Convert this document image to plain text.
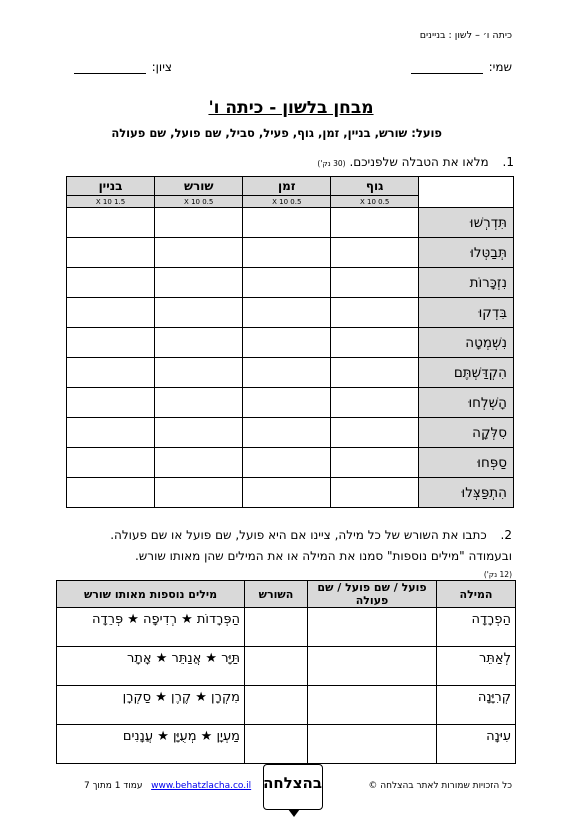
כיתה ו׳ – לשון : בניינים
שמי:
ציון:
מבחן בלשון - כיתה ו'
פועל: שורש, בניין, זמן, גוף, פעיל, סביל, שם פועל, שם פעולה
1. מלאו את הטבלה שלפניכם. (30 נק')
	גוף	זמן	שורש	בניין
	0.5 X 10	0.5 X 10	0.5 X 10	1.5 X 10
תִּדְרְשׁוּ				
תְּבַטְּלוּ				
נִזְכָּרוֹת				
בִּדְקוּ				
נִשְׁמְטָה				
הִקְדַּשְׁתֶּם				
הָשְׁלְחוּ				
סִלְּקָה				
סַפְּחוּ				
הִתְפַּצְּלוּ				
2. כתבו את השורש של כל מילה, ציינו אם היא פועל, שם פועל או שם פעולה.
ובעמודה "מילים נוספות" סמנו את המילה או את המילים שהן מאותו שורש.
(12 נק')
המילה	פועל / שם פועל / שם פעולה	השורש	מילים נוספות מאותו שורש
הַפְרָדָה			הַפְּרָדוֹת ★ רְדִיפָה ★ פְּרֵדָה
לְאַתֵּר			תַּיָּר ★ אֲנַתֵּר ★ אָתָר
קְרִיָּנָה			מִקְרָן ★ קֶרֶן ★ סַקְרָן
עִיּנָה			מַעְיָן ★ מְעֻיָּן ★ עֲנָנִים
כל הזכויות שמורות לאתר בהצלחה ©
בהצלחה
www.behatzlacha.co.il   עמוד 1 מתוך 7
